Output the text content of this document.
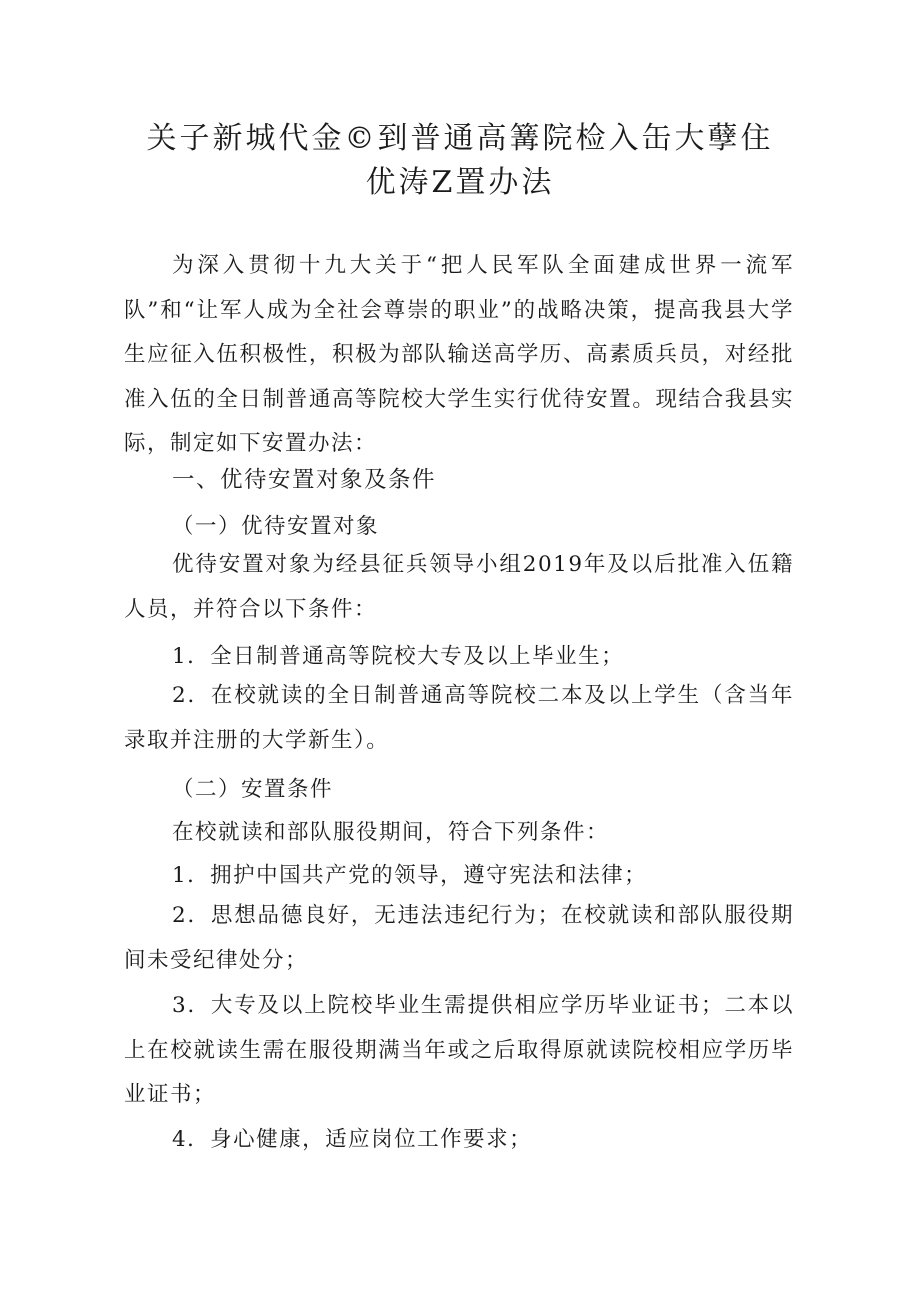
关子新城代金©到普通高篝院检入缶大孽住
优涛Z置办法

为深入贯彻十九大关于“把人民军队全面建成世界一流军队”和“让军人成为全社会尊崇的职业”的战略决策，提高我县大学生应征入伍积极性，积极为部队输送高学历、高素质兵员，对经批准入伍的全日制普通高等院校大学生实行优待安置。现结合我县实际，制定如下安置办法：

一、优待安置对象及条件
（一）优待安置对象

优待安置对象为经县征兵领导小组2019年及以后批准入伍籍人员，并符合以下条件：

1．全日制普通高等院校大专及以上毕业生；

2．在校就读的全日制普通高等院校二本及以上学生（含当年录取并注册的大学新生）。

（二）安置条件
在校就读和部队服役期间，符合下列条件：
1．拥护中国共产党的领导，遵守宪法和法律；

2．思想品德良好，无违法违纪行为；在校就读和部队服役期间未受纪律处分；

3．大专及以上院校毕业生需提供相应学历毕业证书；二本以上在校就读生需在服役期满当年或之后取得原就读院校相应学历毕业证书；

4．身心健康，适应岗位工作要求；
